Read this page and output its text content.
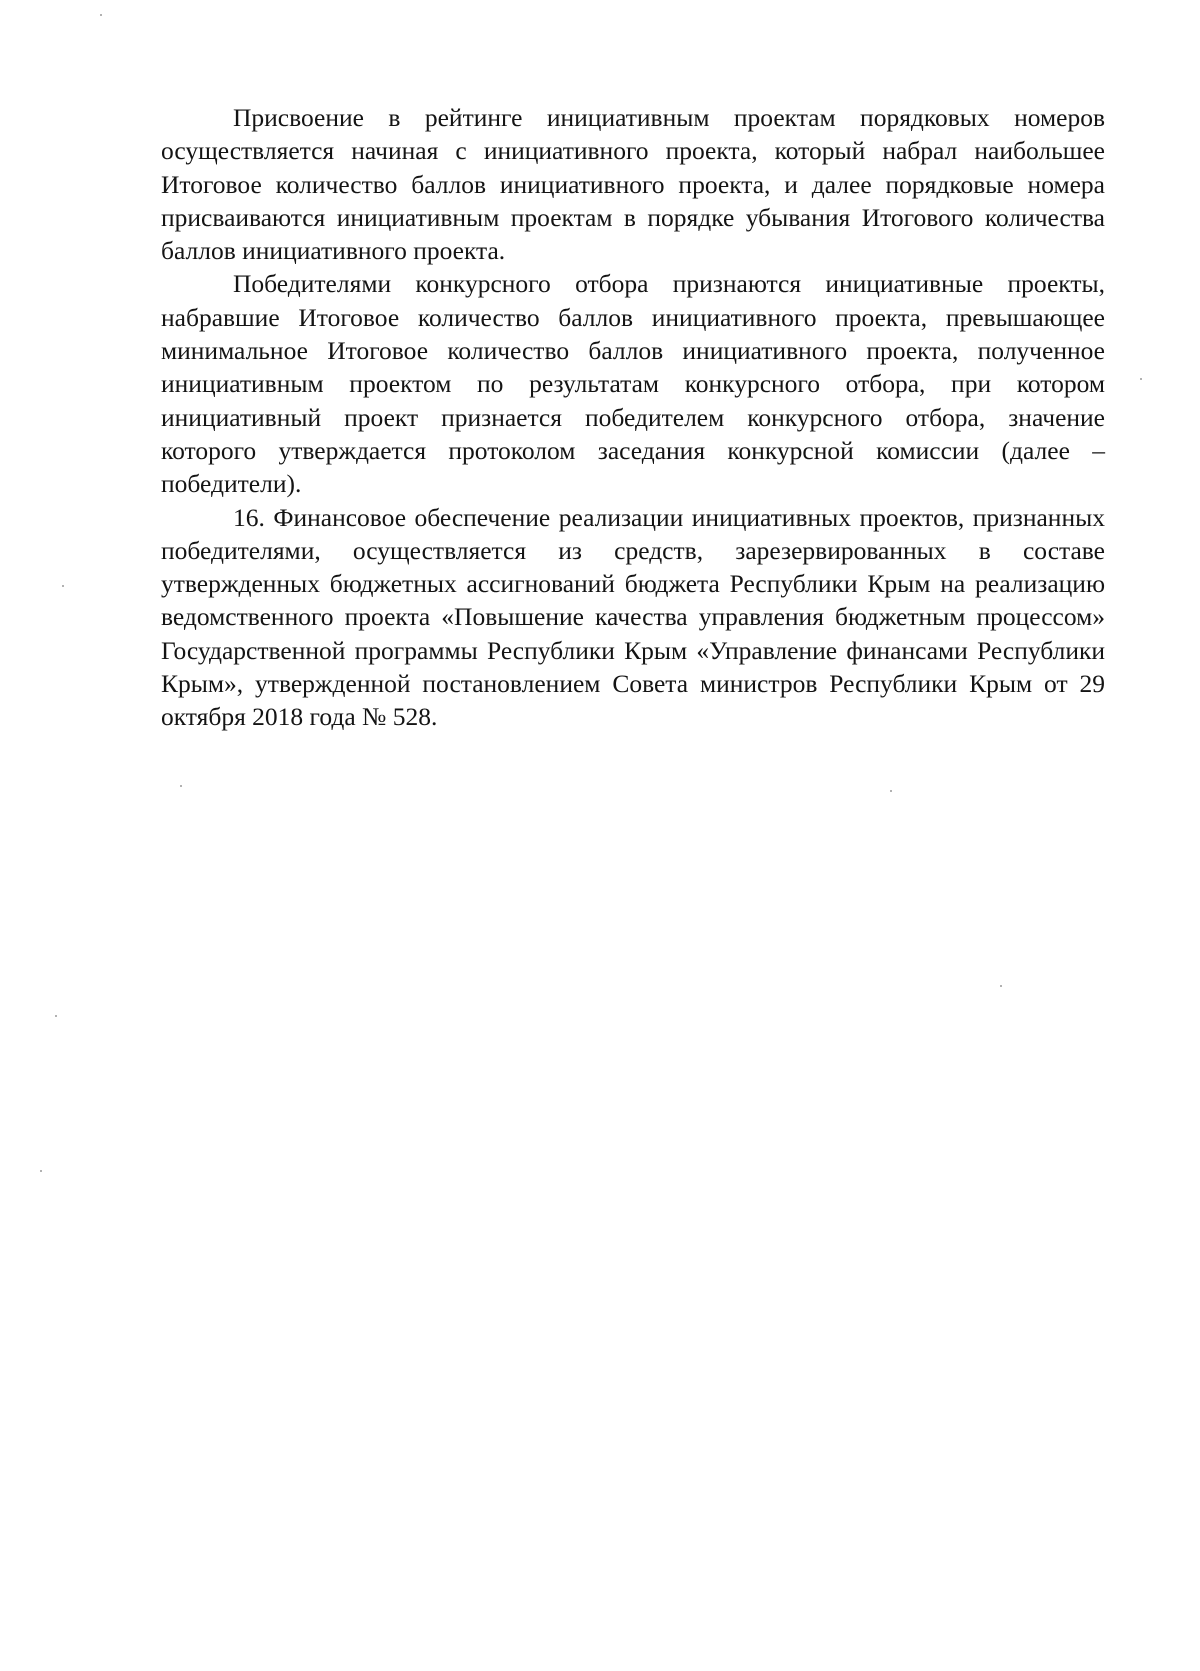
Присвоение в рейтинге инициативным проектам порядковых номеров осуществляется начиная с инициативного проекта, который набрал наибольшее Итоговое количество баллов инициативного проекта, и далее порядковые номера присваиваются инициативным проектам в порядке убывания Итогового количества баллов инициативного проекта.

Победителями конкурсного отбора признаются инициативные проекты, набравшие Итоговое количество баллов инициативного проекта, превышающее минимальное Итоговое количество баллов инициативного проекта, полученное инициативным проектом по результатам конкурсного отбора, при котором инициативный проект признается победителем конкурсного отбора, значение которого утверждается протоколом заседания конкурсной комиссии (далее – победители).

16. Финансовое обеспечение реализации инициативных проектов, признанных победителями, осуществляется из средств, зарезервированных в составе утвержденных бюджетных ассигнований бюджета Республики Крым на реализацию ведомственного проекта «Повышение качества управления бюджетным процессом» Государственной программы Республики Крым «Управление финансами Республики Крым», утвержденной постановлением Совета министров Республики Крым от 29 октября 2018 года № 528.
